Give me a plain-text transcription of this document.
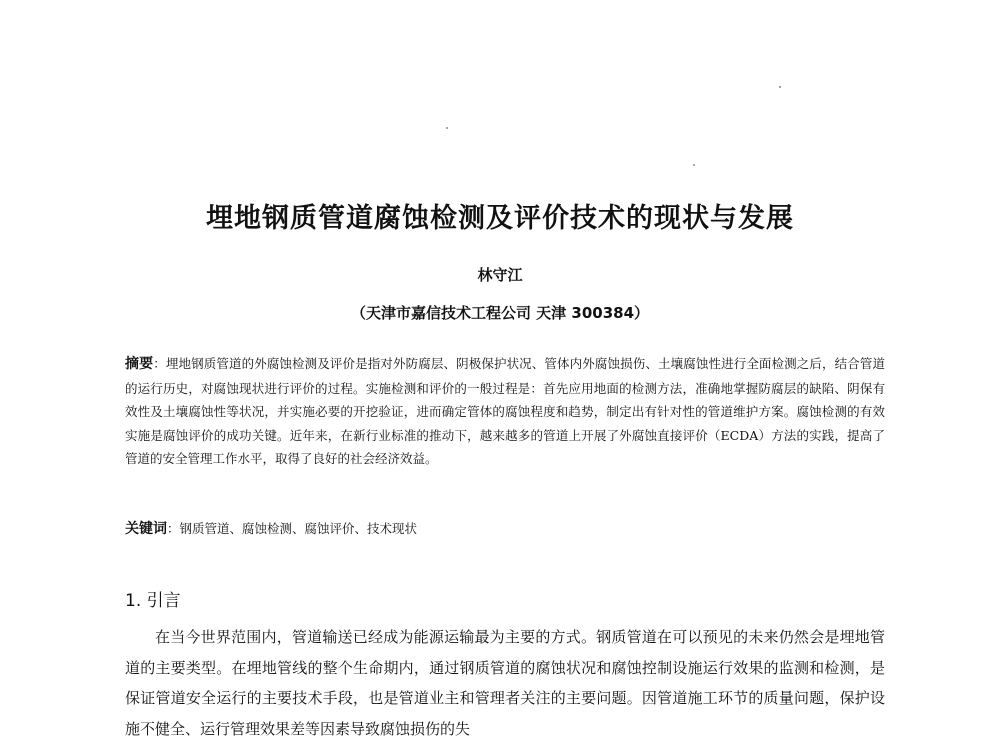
埋地钢质管道腐蚀检测及评价技术的现状与发展
林守江
（天津市嘉信技术工程公司 天津 300384）
摘要：埋地钢质管道的外腐蚀检测及评价是指对外防腐层、阴极保护状况、管体内外腐蚀损伤、土壤腐蚀性进行全面检测之后，结合管道的运行历史，对腐蚀现状进行评价的过程。实施检测和评价的一般过程是：首先应用地面的检测方法，准确地掌握防腐层的缺陷、阴保有效性及土壤腐蚀性等状况，并实施必要的开挖验证，进而确定管体的腐蚀程度和趋势，制定出有针对性的管道维护方案。腐蚀检测的有效实施是腐蚀评价的成功关键。近年来，在新行业标准的推动下，越来越多的管道上开展了外腐蚀直接评价（ECDA）方法的实践，提高了管道的安全管理工作水平，取得了良好的社会经济效益。
关键词：钢质管道、腐蚀检测、腐蚀评价、技术现状
1. 引言

在当今世界范围内，管道输送已经成为能源运输最为主要的方式。钢质管道在可以预见的未来仍然会是埋地管道的主要类型。在埋地管线的整个生命期内，通过钢质管道的腐蚀状况和腐蚀控制设施运行效果的监测和检测，是保证管道安全运行的主要技术手段，也是管道业主和管理者关注的主要问题。因管道施工环节的质量问题，保护设施不健全、运行管理效果差等因素导致腐蚀损伤的失
